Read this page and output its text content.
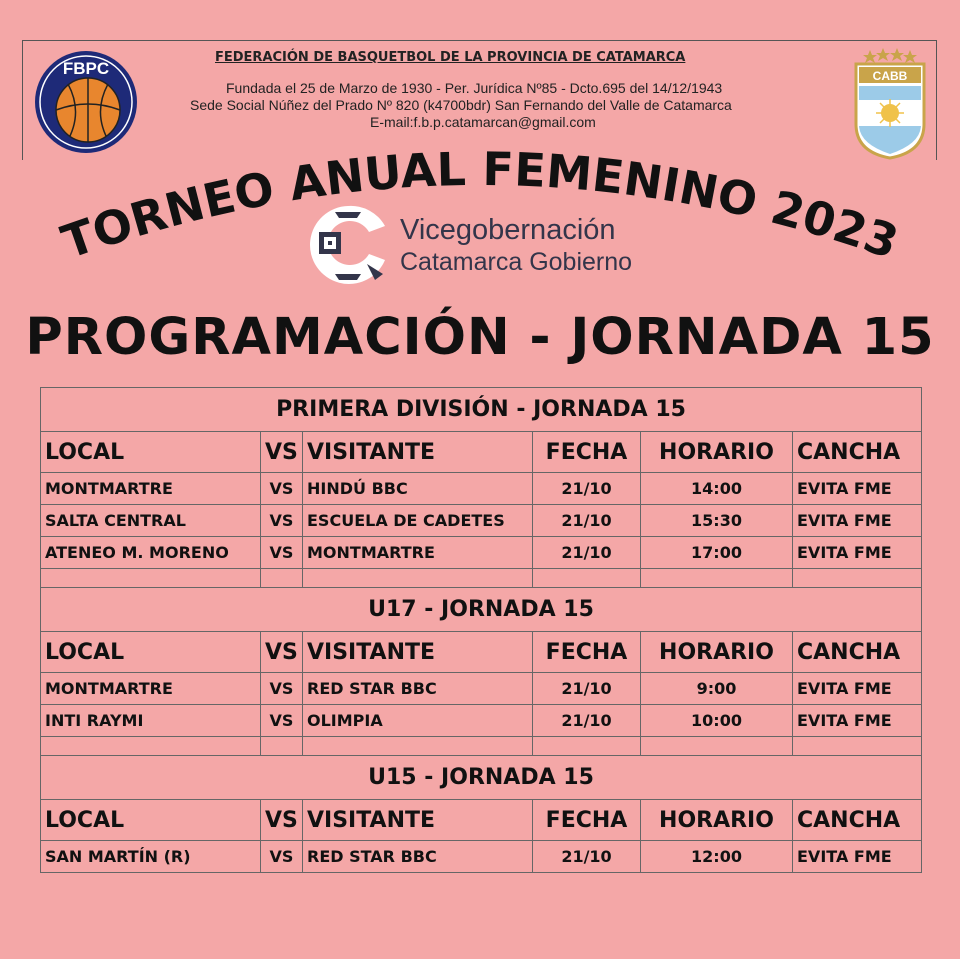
FBPC	CABB
FEDERACIÓN DE BASQUETBOL DE LA PROVINCIA DE CATAMARCA
Fundada el 25 de Marzo de 1930 - Per. Jurídica Nº85 - Dcto.695 del 14/12/1943
Sede Social Núñez del Prado Nº 820 (k4700bdr) San Fernando del Valle de Catamarca
E-mail:f.b.p.catamarcan@gmail.com
TORNEO ANUAL FEMENINO 2023
Vicegobernación
Catamarca Gobierno
PROGRAMACIÓN - JORNADA 15
PRIMERA DIVISIÓN - JORNADA 15					
LOCAL	VS	VISITANTE	FECHA	HORARIO	CANCHA
MONTMARTRE	VS	HINDÚ BBC	21/10	14:00	EVITA FME
SALTA CENTRAL	VS	ESCUELA DE CADETES	21/10	15:30	EVITA FME
ATENEO M. MORENO	VS	MONTMARTRE	21/10	17:00	EVITA FME

U17 - JORNADA 15					
LOCAL	VS	VISITANTE	FECHA	HORARIO	CANCHA
MONTMARTRE	VS	RED STAR BBC	21/10	9:00	EVITA FME
INTI RAYMI	VS	OLIMPIA	21/10	10:00	EVITA FME

U15 - JORNADA 15					
LOCAL	VS	VISITANTE	FECHA	HORARIO	CANCHA
SAN MARTÍN (R)	VS	RED STAR BBC	21/10	12:00	EVITA FME
